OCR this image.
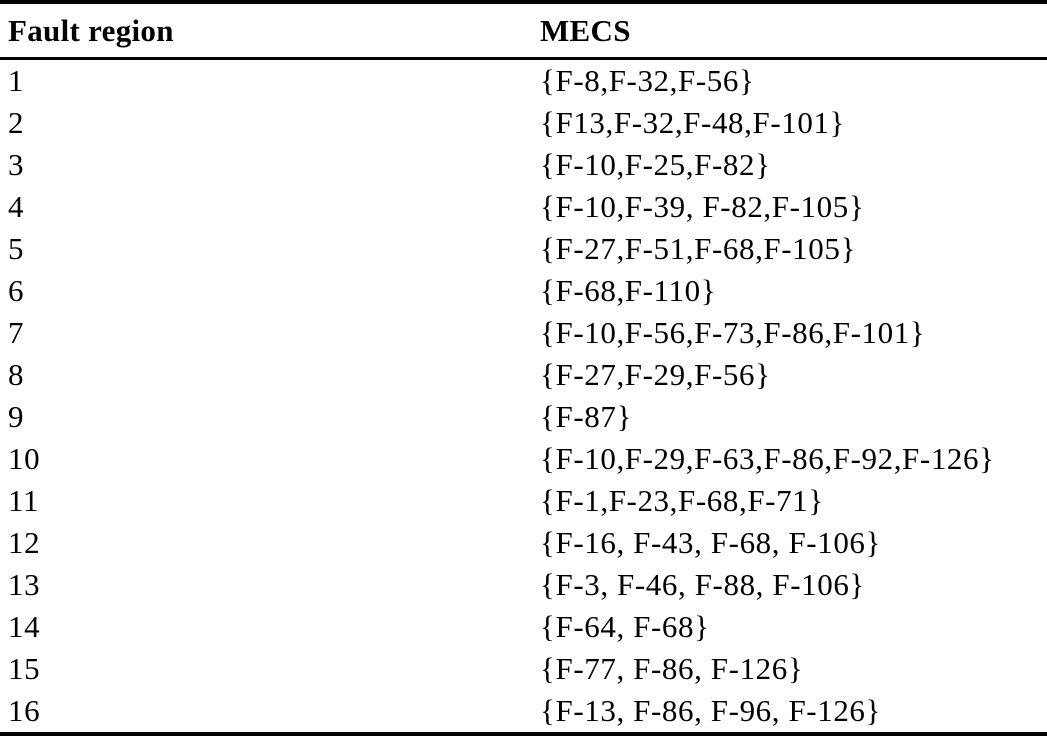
Fault region	MECS
1	{F-8,F-32,F-56}
2	{F13,F-32,F-48,F-101}
3	{F-10,F-25,F-82}
4	{F-10,F-39, F-82,F-105}
5	{F-27,F-51,F-68,F-105}
6	{F-68,F-110}
7	{F-10,F-56,F-73,F-86,F-101}
8	{F-27,F-29,F-56}
9	{F-87}
10	{F-10,F-29,F-63,F-86,F-92,F-126}
11	{F-1,F-23,F-68,F-71}
12	{F-16, F-43, F-68, F-106}
13	{F-3, F-46, F-88, F-106}
14	{F-64, F-68}
15	{F-77, F-86, F-126}
16	{F-13, F-86, F-96, F-126}
